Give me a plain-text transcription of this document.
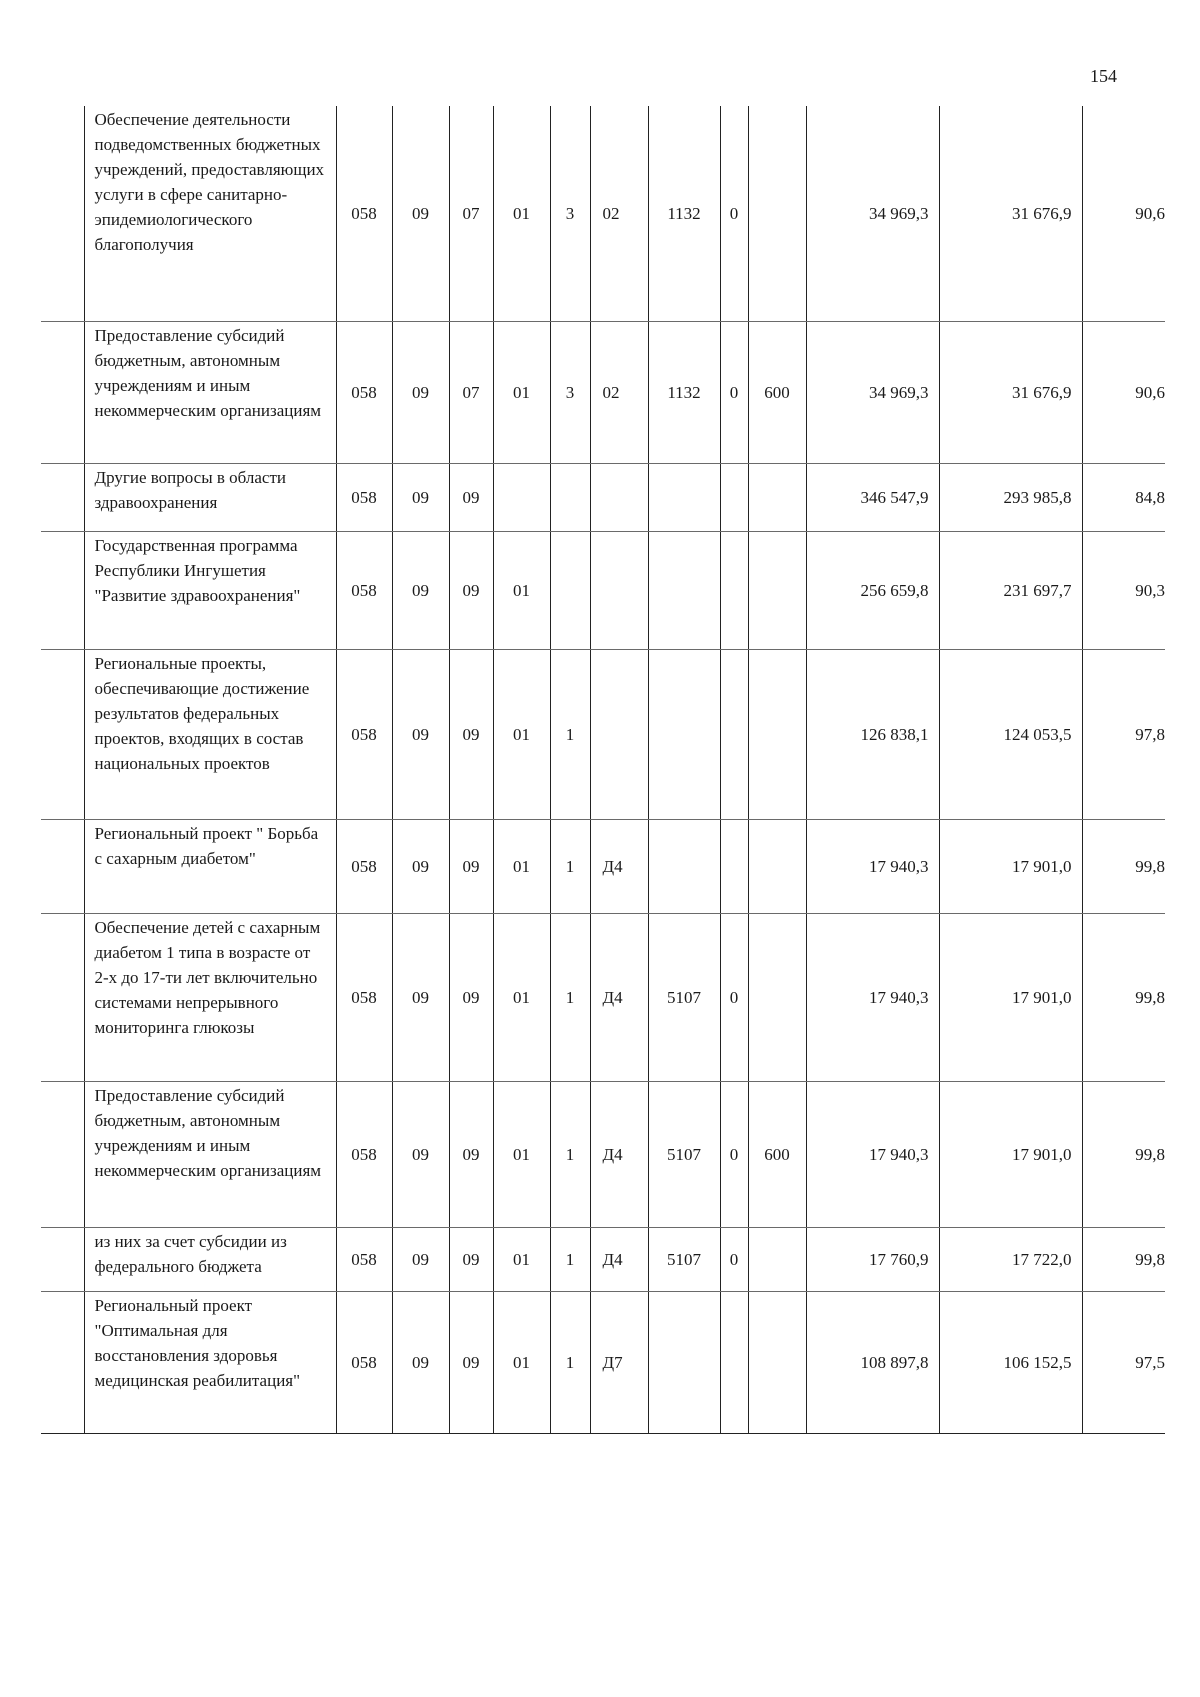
154
	Обеспечение деятельности подведомственных бюджетных учреждений, предоставляющих услуги в сфере санитарно-эпидемиологического благополучия	058	09	07	01	3	02	1132	0		34 969,3	31 676,9	90,6
	Предоставление субсидий бюджетным, автономным учреждениям и иным некоммерческим организациям	058	09	07	01	3	02	1132	0	600	34 969,3	31 676,9	90,6
	Другие вопросы в области здравоохранения	058	09	09							346 547,9	293 985,8	84,8
	Государственная программа Республики Ингушетия "Развитие здравоохранения"	058	09	09	01						256 659,8	231 697,7	90,3
	Региональные проекты, обеспечивающие достижение результатов федеральных проектов, входящих в состав национальных проектов	058	09	09	01	1					126 838,1	124 053,5	97,8
	Региональный проект " Борьба с сахарным диабетом"	058	09	09	01	1	Д4				17 940,3	17 901,0	99,8
	Обеспечение детей с сахарным диабетом 1 типа в возрасте от 2-х до 17-ти лет включительно системами непрерывного мониторинга глюкозы	058	09	09	01	1	Д4	5107	0		17 940,3	17 901,0	99,8
	Предоставление субсидий бюджетным, автономным учреждениям и иным некоммерческим организациям	058	09	09	01	1	Д4	5107	0	600	17 940,3	17 901,0	99,8
	из них за счет субсидии из федерального бюджета	058	09	09	01	1	Д4	5107	0		17 760,9	17 722,0	99,8
	Региональный проект "Оптимальная для восстановления здоровья медицинская реабилитация"	058	09	09	01	1	Д7				108 897,8	106 152,5	97,5
